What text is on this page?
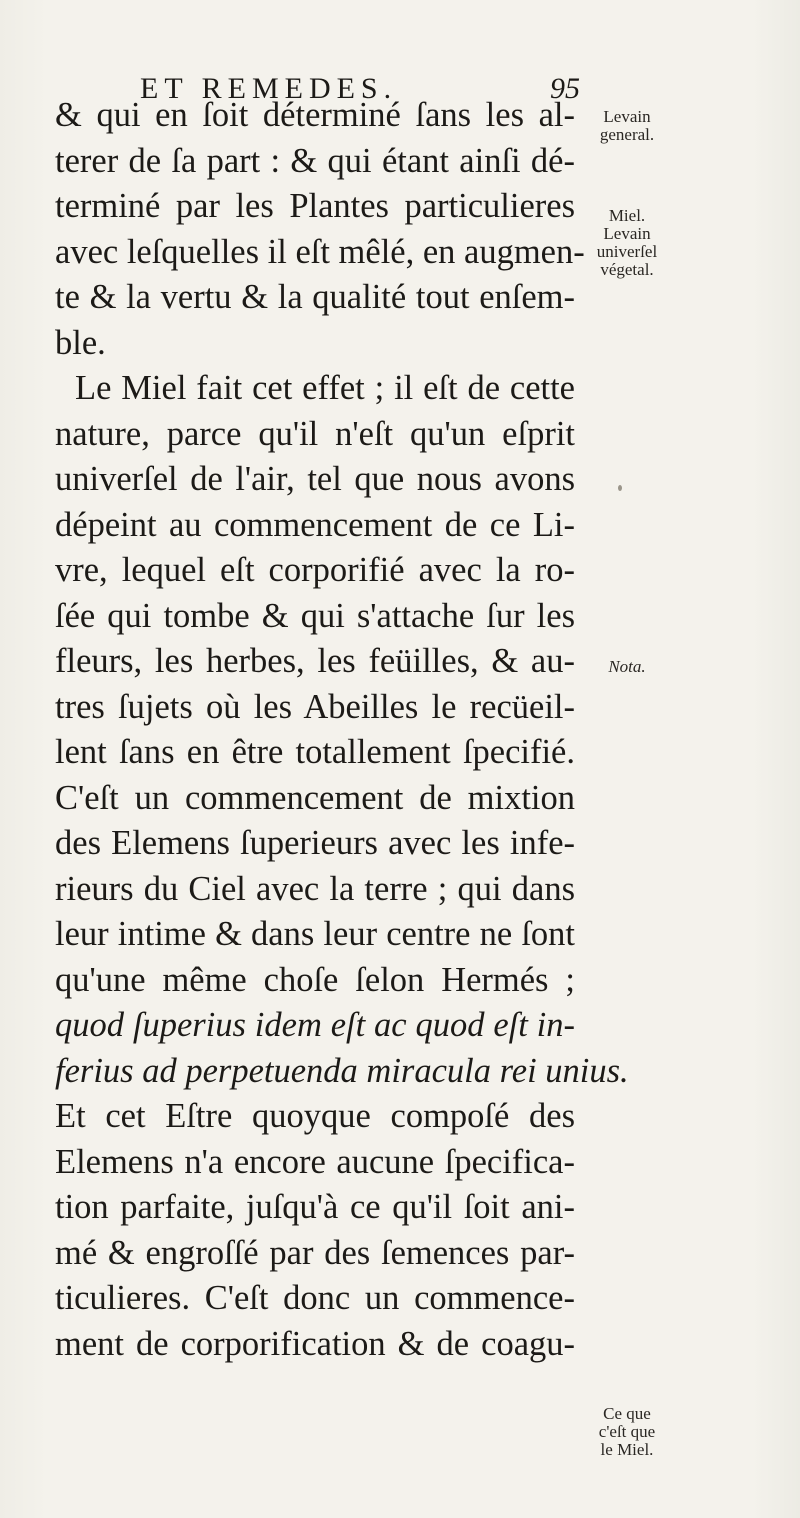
ET REMEDES.	95
& qui en ſoit déterminé ſans les al-
terer de ſa part : & qui étant ainſi dé-
terminé par les Plantes particulieres
avec leſquelles il eſt mêlé, en augmen-
te & la vertu & la qualité tout enſem-
ble.
Le Miel fait cet effet ; il eſt de cette
nature, parce qu'il n'eſt qu'un eſprit
univerſel de l'air, tel que nous avons
dépeint au commencement de ce Li-
vre, lequel eſt corporifié avec la ro-
ſée qui tombe & qui s'attache ſur les
fleurs, les herbes, les feüilles, & au-
tres ſujets où les Abeilles le recüeil-
lent ſans en être totallement ſpecifié.
C'eſt un commencement de mixtion
des Elemens ſuperieurs avec les infe-
rieurs du Ciel avec la terre ; qui dans
leur intime & dans leur centre ne ſont
qu'une même choſe ſelon Hermés ;
quod ſuperius idem eſt ac quod eſt in-
ferius ad perpetuenda miracula rei unius.
Et cet Eſtre quoyque compoſé des
Elemens n'a encore aucune ſpecifica-
tion parfaite, juſqu'à ce qu'il ſoit ani-
mé & engroſſé par des ſemences par-
ticulieres. C'eſt donc un commence-
ment de corporification & de coagu-
Levain
general.
Miel.
Levain
univerſel
végetal.
Nota.
Ce que
c'eſt que
le Miel.
